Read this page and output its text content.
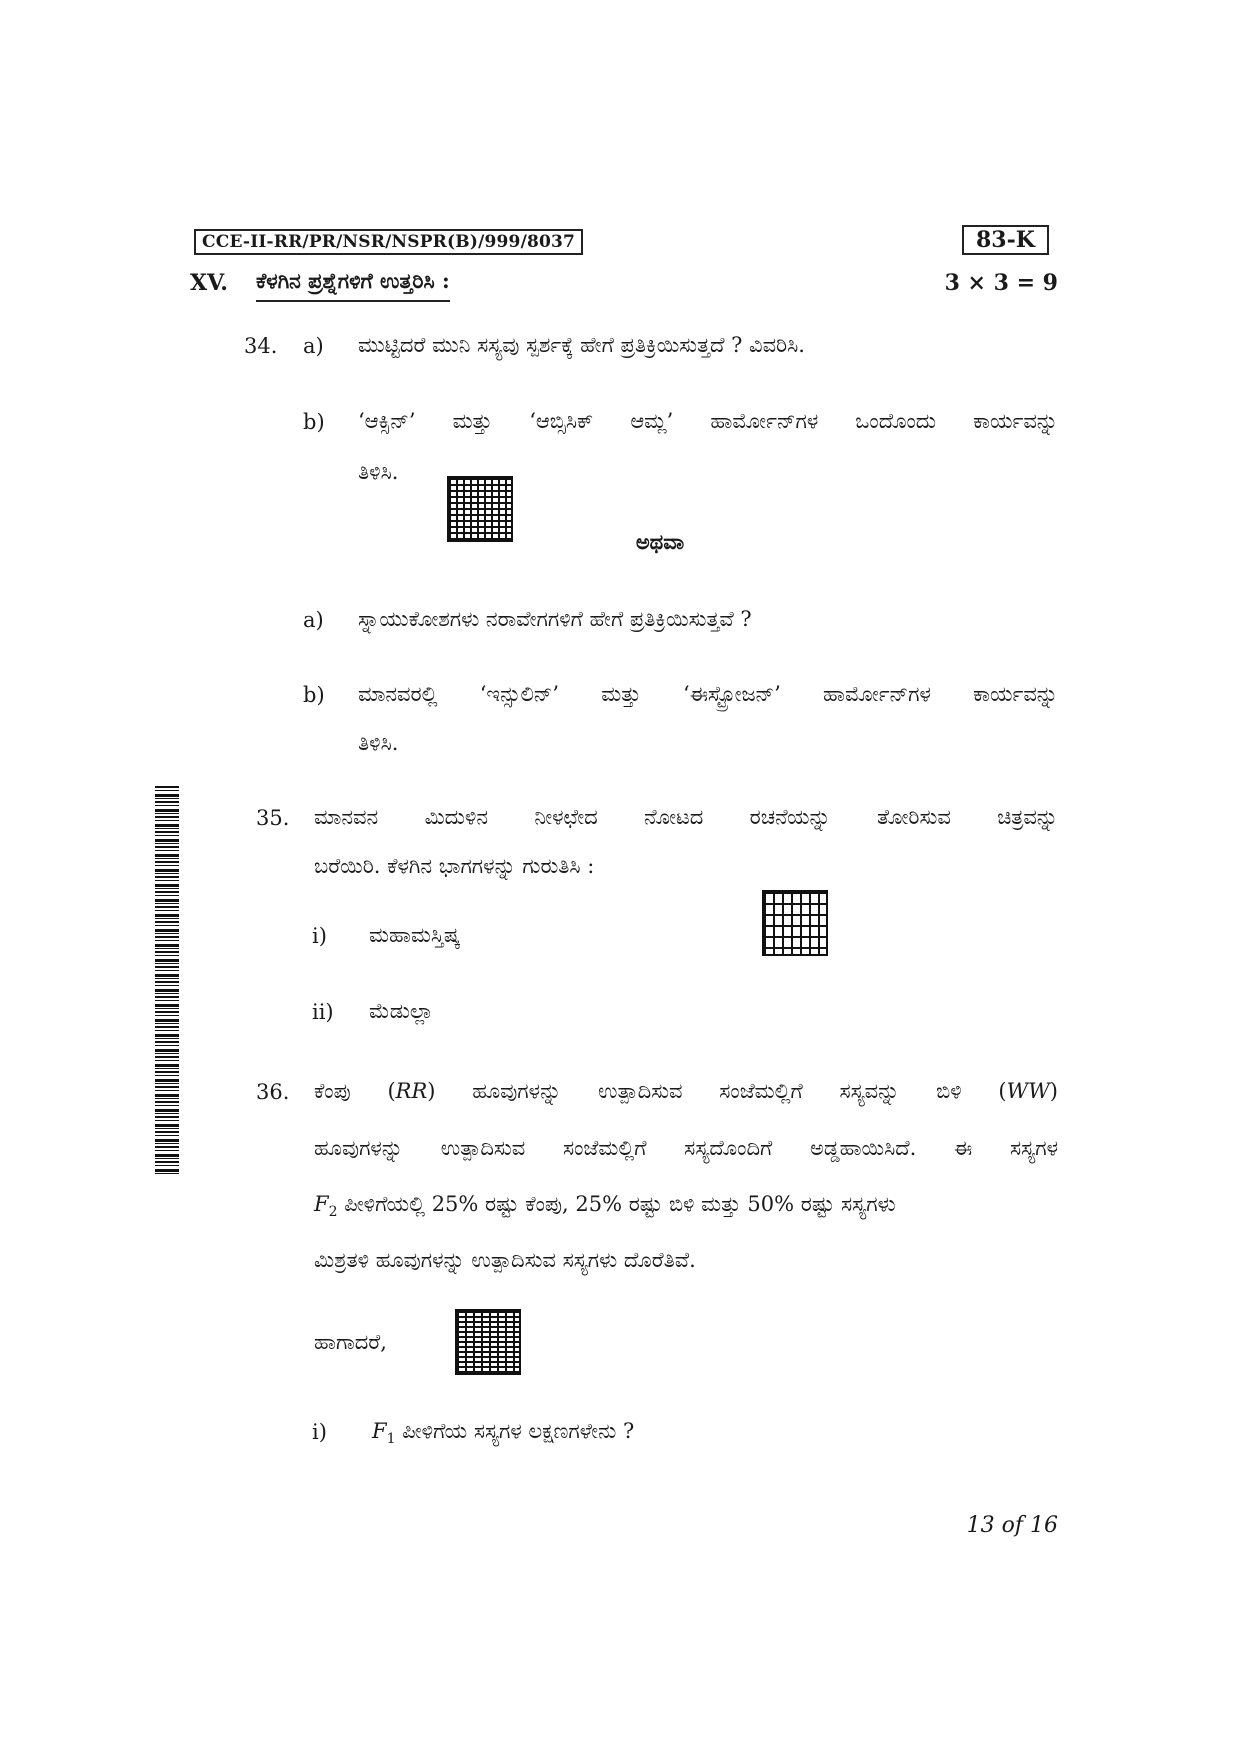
CCE-II-RR/PR/NSR/NSPR(B)/999/8037	83-K
XV. ಕೆಳಗಿನ ಪ್ರಶ್ನೆಗಳಿಗೆ ಉತ್ತರಿಸಿ :	3 × 3 = 9
34. a) ಮುಟ್ಟಿದರೆ ಮುನಿ ಸಸ್ಯವು ಸ್ಪರ್ಶಕ್ಕೆ ಹೇಗೆ ಪ್ರತಿಕ್ರಿಯಿಸುತ್ತದೆ ? ವಿವರಿಸಿ.
b) ‘ಆಕ್ಸಿನ್’ ಮತ್ತು ‘ಆಬ್ಸಿಸಿಕ್ ಆಮ್ಲ’ ಹಾರ್ಮೋನ್‌ಗಳ ಒಂದೊಂದು ಕಾರ್ಯವನ್ನು
ತಿಳಿಸಿ.
ಅಥವಾ
a) ಸ್ನಾಯುಕೋಶಗಳು ನರಾವೇಗಗಳಿಗೆ ಹೇಗೆ ಪ್ರತಿಕ್ರಿಯಿಸುತ್ತವೆ ?
b) ಮಾನವರಲ್ಲಿ ‘ಇನ್ಸುಲಿನ್’ ಮತ್ತು ‘ಈಸ್ಟ್ರೋಜನ್’ ಹಾರ್ಮೋನ್‌ಗಳ ಕಾರ್ಯವನ್ನು
ತಿಳಿಸಿ.
35. ಮಾನವನ ಮಿದುಳಿನ ನೀಳಛೇದ ನೋಟದ ರಚನೆಯನ್ನು ತೋರಿಸುವ ಚಿತ್ರವನ್ನು
ಬರೆಯಿರಿ. ಕೆಳಗಿನ ಭಾಗಗಳನ್ನು ಗುರುತಿಸಿ :
i) ಮಹಾಮಸ್ತಿಷ್ಕ
ii) ಮೆಡುಲ್ಲಾ
36. ಕೆಂಪು (RR) ಹೂವುಗಳನ್ನು ಉತ್ಪಾದಿಸುವ ಸಂಜೆಮಲ್ಲಿಗೆ ಸಸ್ಯವನ್ನು ಬಿಳಿ (WW)
ಹೂವುಗಳನ್ನು ಉತ್ಪಾದಿಸುವ ಸಂಜೆಮಲ್ಲಿಗೆ ಸಸ್ಯದೊಂದಿಗೆ ಅಡ್ಡಹಾಯಿಸಿದೆ. ಈ ಸಸ್ಯಗಳ
$F_2$ ಪೀಳಿಗೆಯಲ್ಲಿ 25% ರಷ್ಟು ಕೆಂಪು, 25% ರಷ್ಟು ಬಿಳಿ ಮತ್ತು 50% ರಷ್ಟು ಸಸ್ಯಗಳು
ಮಿಶ್ರತಳಿ ಹೂವುಗಳನ್ನು ಉತ್ಪಾದಿಸುವ ಸಸ್ಯಗಳು ದೊರೆತಿವೆ.
ಹಾಗಾದರೆ,
i) $F_1$ ಪೀಳಿಗೆಯ ಸಸ್ಯಗಳ ಲಕ್ಷಣಗಳೇನು ?
13 of 16
